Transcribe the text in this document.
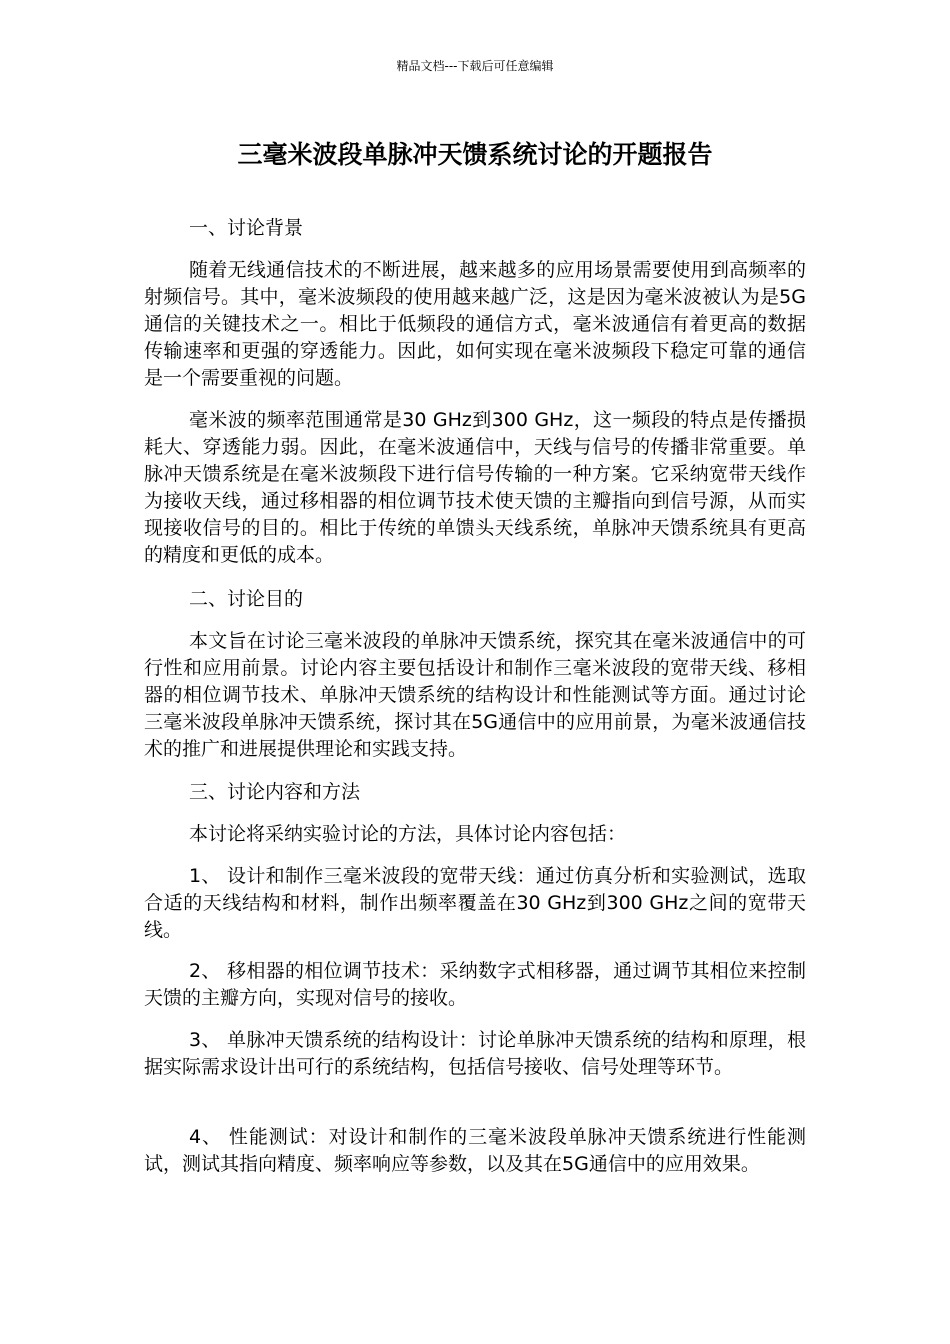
精品文档---下载后可任意编辑
三毫米波段单脉冲天馈系统讨论的开题报告

一、讨论背景

随着无线通信技术的不断进展，越来越多的应用场景需要使用到高频率的射频信号。其中，毫米波频段的使用越来越广泛，这是因为毫米波被认为是5G通信的关键技术之一。相比于低频段的通信方式，毫米波通信有着更高的数据传输速率和更强的穿透能力。因此，如何实现在毫米波频段下稳定可靠的通信是一个需要重视的问题。

毫米波的频率范围通常是30 GHz到300 GHz，这一频段的特点是传播损耗大、穿透能力弱。因此，在毫米波通信中，天线与信号的传播非常重要。单脉冲天馈系统是在毫米波频段下进行信号传输的一种方案。它采纳宽带天线作为接收天线，通过移相器的相位调节技术使天馈的主瓣指向到信号源，从而实现接收信号的目的。相比于传统的单馈头天线系统，单脉冲天馈系统具有更高的精度和更低的成本。

二、讨论目的

本文旨在讨论三毫米波段的单脉冲天馈系统，探究其在毫米波通信中的可行性和应用前景。讨论内容主要包括设计和制作三毫米波段的宽带天线、移相器的相位调节技术、单脉冲天馈系统的结构设计和性能测试等方面。通过讨论三毫米波段单脉冲天馈系统，探讨其在5G通信中的应用前景，为毫米波通信技术的推广和进展提供理论和实践支持。

三、讨论内容和方法

本讨论将采纳实验讨论的方法，具体讨论内容包括：

1、 设计和制作三毫米波段的宽带天线：通过仿真分析和实验测试，选取合适的天线结构和材料，制作出频率覆盖在30 GHz到300 GHz之间的宽带天线。

2、 移相器的相位调节技术：采纳数字式相移器，通过调节其相位来控制天馈的主瓣方向，实现对信号的接收。

3、 单脉冲天馈系统的结构设计：讨论单脉冲天馈系统的结构和原理，根据实际需求设计出可行的系统结构，包括信号接收、信号处理等环节。

4、 性能测试：对设计和制作的三毫米波段单脉冲天馈系统进行性能测试，测试其指向精度、频率响应等参数，以及其在5G通信中的应用效果。
